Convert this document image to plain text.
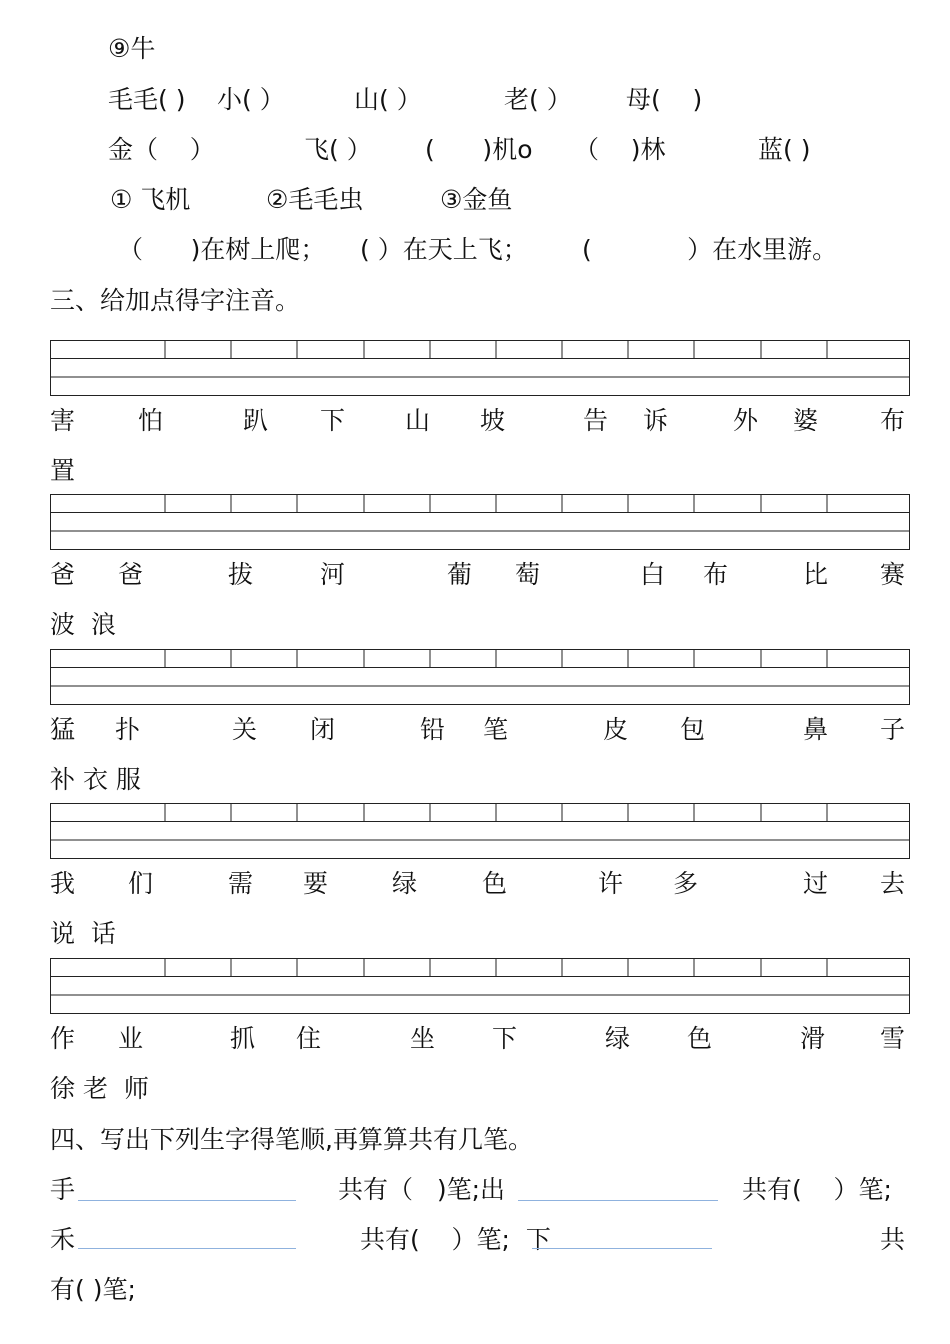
⑨牛
毛毛( ) 小( ）	山( ）	老( ） 母(    )
金（    ）	飞( ） (      )机o （    )林	蓝( )
① 飞机	②毛毛虫	③金鱼
（      )在树上爬； ( ）在天上飞； (            ）在水里游。
三、给加点得字注音。
害	怕	趴 下 山 坡	告 诉	外 婆 布
置
爸 爸	拔	河	葡 萄	白 布	比 赛
波  浪
猛 扑	关 闭	铅 笔	皮 包	鼻 子
补 衣 服
我 们	需 要	绿	色	许 多	过 去
说  话
作 业	抓 住	坐 下	绿 色	滑 雪
徐 老  师
四、写出下列生字得笔顺,再算算共有几笔。
手	共有（   )笔;出	共有(    ）笔;
禾	共有(    ）笔;  下	共
有( )笔;
